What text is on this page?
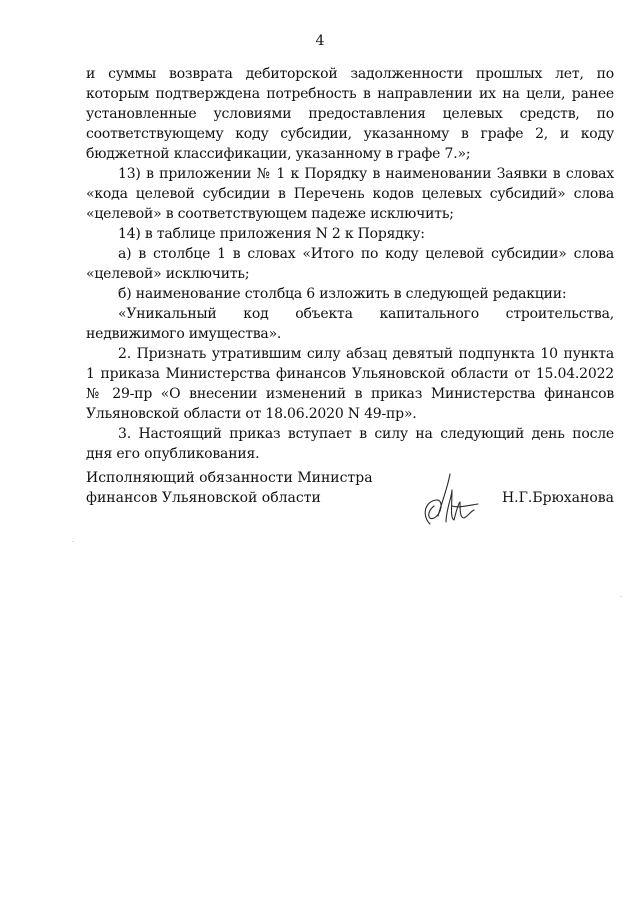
4

и суммы возврата дебиторской задолженности прошлых лет, по которым подтверждена потребность в направлении их на цели, ранее установленные условиями предоставления целевых средств, по соответствующему коду субсидии, указанному в графе 2, и коду бюджетной классификации, указанному в графе 7.»;

13) в приложении № 1 к Порядку в наименовании Заявки в словах «кода целевой субсидии в Перечень кодов целевых субсидий» слова «целевой» в соответствующем падеже исключить;

14) в таблице приложения N 2 к Порядку:

а) в столбце 1 в словах «Итого по коду целевой субсидии» слова «целевой» исключить;

б) наименование столбца 6 изложить в следующей редакции:

«Уникальный код объекта капитального строительства, недвижимого имущества».

2. Признать утратившим силу абзац девятый подпункта 10 пункта 1 приказа Министерства финансов Ульяновской области от 15.04.2022 № 29-пр «О внесении изменений в приказ Министерства финансов Ульяновской области от 18.06.2020 N 49-пр».

3. Настоящий приказ вступает в силу на следующий день после дня его опубликования.

Исполняющий обязанности Министра
финансов Ульяновской области	Н.Г.Брюханова
